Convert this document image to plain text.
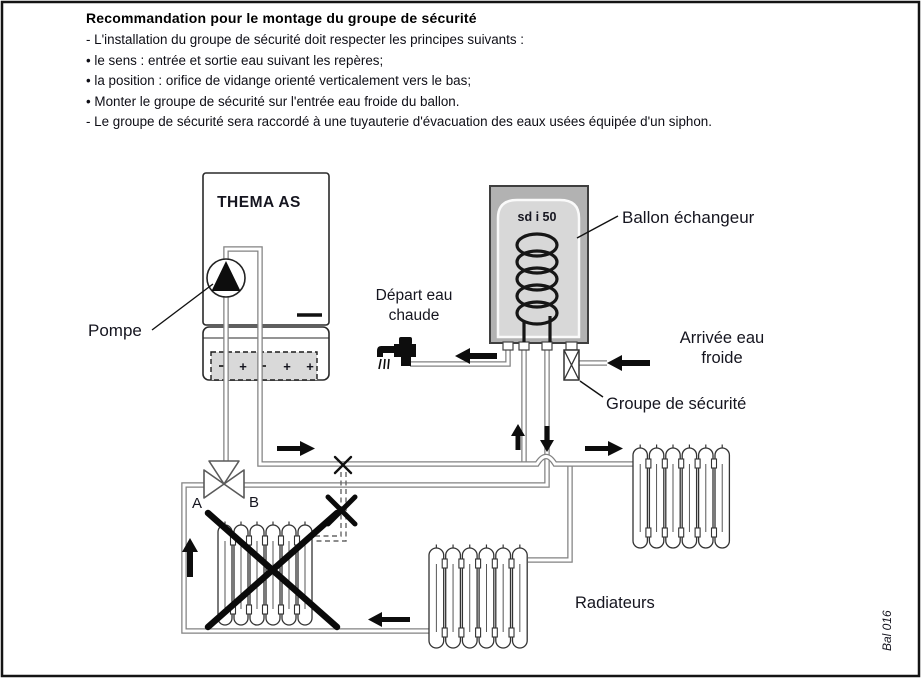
+	+ +
THEMA AS
sd i 50
A	B
Pompe
Ballon échangeur
Départ eau
chaude
Arrivée eau
froide
Groupe de sécurité
Radiateurs
Bal 016
Recommandation pour le montage du groupe de sécurité
- L'installation du groupe de sécurité doit respecter les principes suivants :
• le sens : entrée et sortie eau suivant les repères;
• la position : orifice de vidange orienté verticalement vers le bas;
• Monter le groupe de sécurité sur l'entrée eau froide du ballon.
- Le groupe de sécurité sera raccordé à une tuyauterie d'évacuation des eaux usées équipée d'un siphon.
